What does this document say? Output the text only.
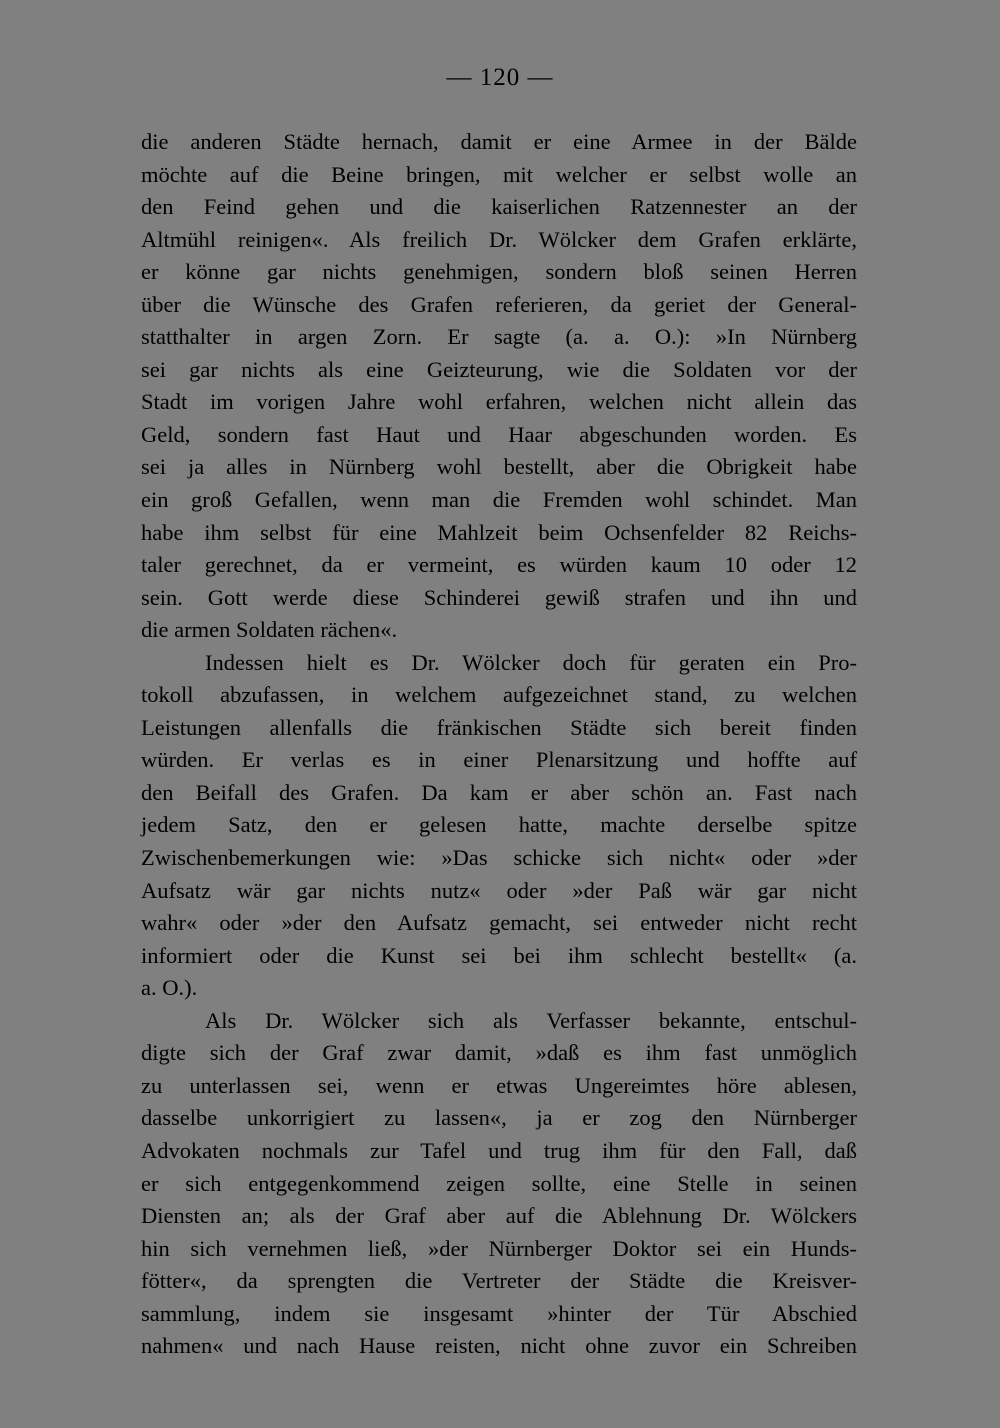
— 120 —
die anderen Städte hernach, damit er eine Armee in der Bälde
möchte auf die Beine bringen, mit welcher er selbst wolle an
den Feind gehen und die kaiserlichen Ratzennester an der
Altmühl reinigen«. Als freilich Dr. Wölcker dem Grafen erklärte,
er könne gar nichts genehmigen, sondern bloß seinen Herren
über die Wünsche des Grafen referieren, da geriet der General-
statthalter in argen Zorn. Er sagte (a. a. O.): »In Nürnberg
sei gar nichts als eine Geizteurung, wie die Soldaten vor der
Stadt im vorigen Jahre wohl erfahren, welchen nicht allein das
Geld, sondern fast Haut und Haar abgeschunden worden. Es
sei ja alles in Nürnberg wohl bestellt, aber die Obrigkeit habe
ein groß Gefallen, wenn man die Fremden wohl schindet. Man
habe ihm selbst für eine Mahlzeit beim Ochsenfelder 82 Reichs-
taler gerechnet, da er vermeint, es würden kaum 10 oder 12
sein. Gott werde diese Schinderei gewiß strafen und ihn und
die armen Soldaten rächen«.
Indessen hielt es Dr. Wölcker doch für geraten ein Pro-
tokoll abzufassen, in welchem aufgezeichnet stand, zu welchen
Leistungen allenfalls die fränkischen Städte sich bereit finden
würden. Er verlas es in einer Plenarsitzung und hoffte auf
den Beifall des Grafen. Da kam er aber schön an. Fast nach
jedem Satz, den er gelesen hatte, machte derselbe spitze
Zwischenbemerkungen wie: »Das schicke sich nicht« oder »der
Aufsatz wär gar nichts nutz« oder »der Paß wär gar nicht
wahr« oder »der den Aufsatz gemacht, sei entweder nicht recht
informiert oder die Kunst sei bei ihm schlecht bestellt« (a.
a. O.).
Als Dr. Wölcker sich als Verfasser bekannte, entschul-
digte sich der Graf zwar damit, »daß es ihm fast unmöglich
zu unterlassen sei, wenn er etwas Ungereimtes höre ablesen,
dasselbe unkorrigiert zu lassen«, ja er zog den Nürnberger
Advokaten nochmals zur Tafel und trug ihm für den Fall, daß
er sich entgegenkommend zeigen sollte, eine Stelle in seinen
Diensten an; als der Graf aber auf die Ablehnung Dr. Wölckers
hin sich vernehmen ließ, »der Nürnberger Doktor sei ein Hunds-
fötter«, da sprengten die Vertreter der Städte die Kreisver-
sammlung, indem sie insgesamt »hinter der Tür Abschied
nahmen« und nach Hause reisten, nicht ohne zuvor ein Schreiben
